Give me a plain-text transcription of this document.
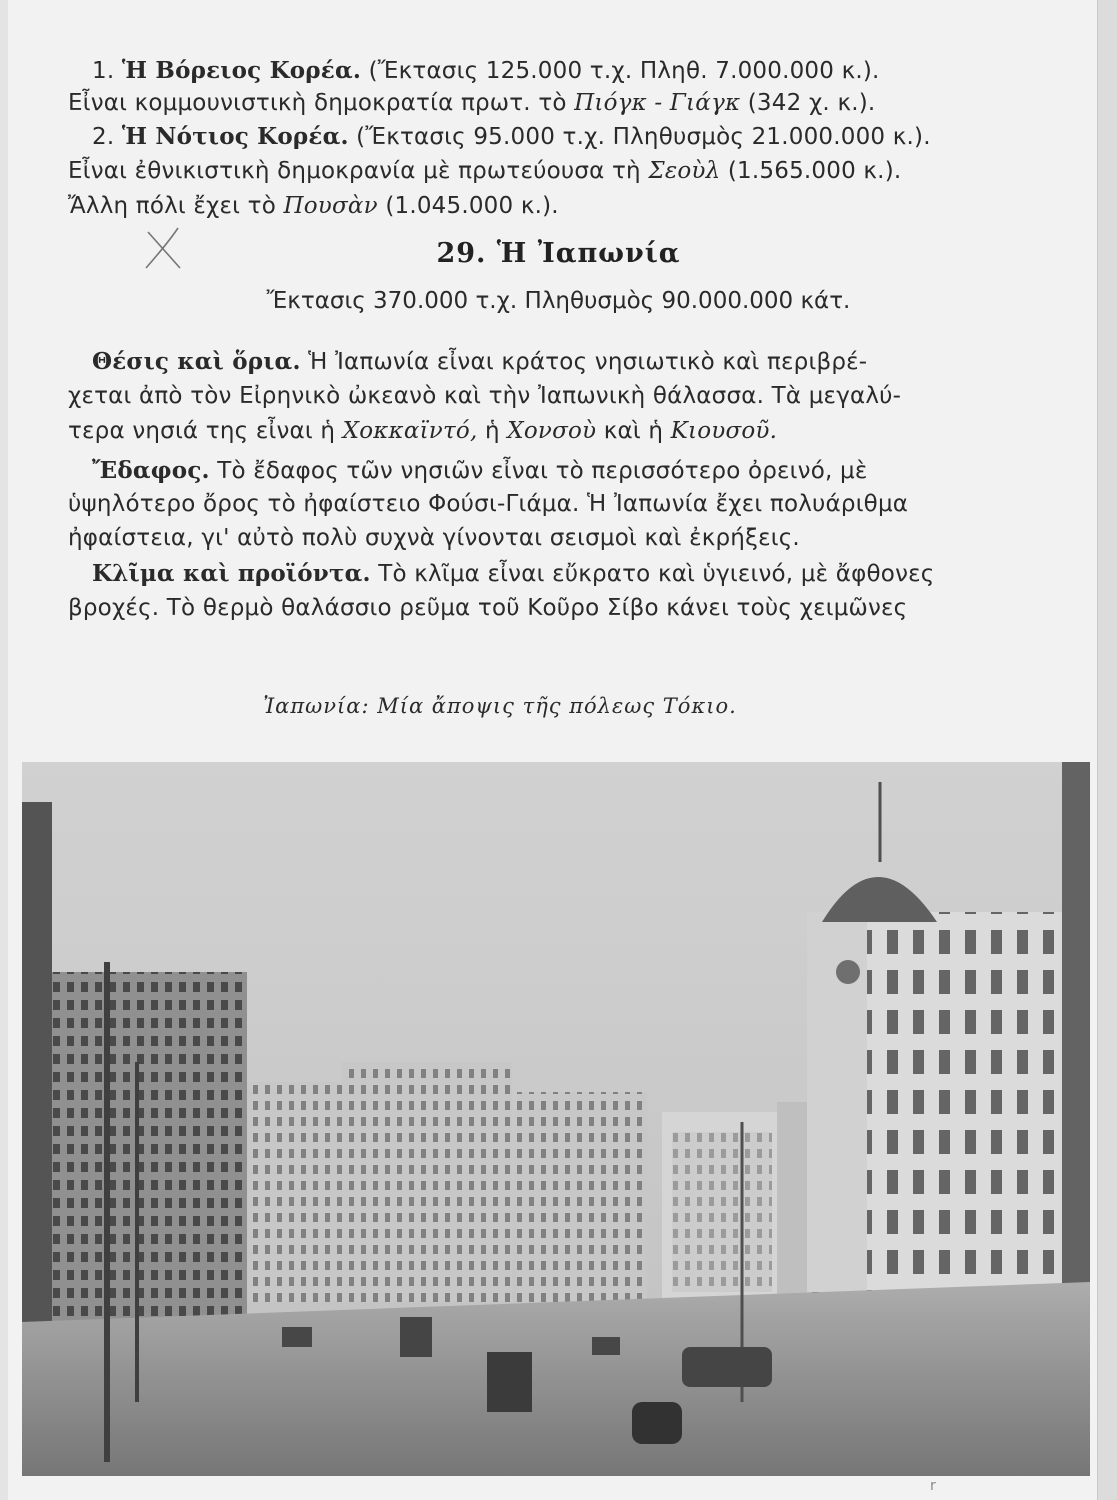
1. Ἡ Βόρειος Κορέα. (Ἔκτασις 125.000 τ.χ. Πληθ. 7.000.000 κ.).
Εἶναι κομμουνιστικὴ δημοκρατία πρωτ. τὸ Πιόγκ - Γιάγκ (342 χ. κ.).
2. Ἡ Νότιος Κορέα. (Ἔκτασις 95.000 τ.χ. Πληθυσμὸς 21.000.000 κ.).
Εἶναι ἐθνικιστικὴ δημοκρανία μὲ πρωτεύουσα τὴ Σεοὺλ (1.565.000 κ.).
Ἄλλη πόλι ἔχει τὸ Πουσὰν (1.045.000 κ.).
29. Ἡ Ἰαπωνία
Ἔκτασις 370.000 τ.χ. Πληθυσμὸς 90.000.000 κάτ.
Θέσις καὶ ὅρια. Ἡ Ἰαπωνία εἶναι κράτος νησιωτικὸ καὶ περιβρέ-
χεται ἀπὸ τὸν Εἰρηνικὸ ὠκεανὸ καὶ τὴν Ἰαπωνικὴ θάλασσα. Τὰ μεγαλύ-
τερα νησιά της εἶναι ἡ Χοκκαϊντό, ἡ Χονσοὺ καὶ ἡ Κιουσοῦ.
Ἔδαφος. Τὸ ἔδαφος τῶν νησιῶν εἶναι τὸ περισσότερο ὀρεινό, μὲ
ὑψηλότερο ὄρος τὸ ἠφαίστειο Φούσι-Γιάμα. Ἡ Ἰαπωνία ἔχει πολυάριθμα
ἠφαίστεια, γι' αὐτὸ πολὺ συχνὰ γίνονται σεισμοὶ καὶ ἐκρήξεις.
Κλῖμα καὶ προϊόντα. Τὸ κλῖμα εἶναι εὔκρατο καὶ ὑγιεινό, μὲ ἄφθονες
βροχές. Τὸ θερμὸ θαλάσσιο ρεῦμα τοῦ Κοῦρο Σίβο κάνει τοὺς χειμῶνες
Ἰαπωνία: Μία ἄποψις τῆς πόλεως Τόκιο.
r
